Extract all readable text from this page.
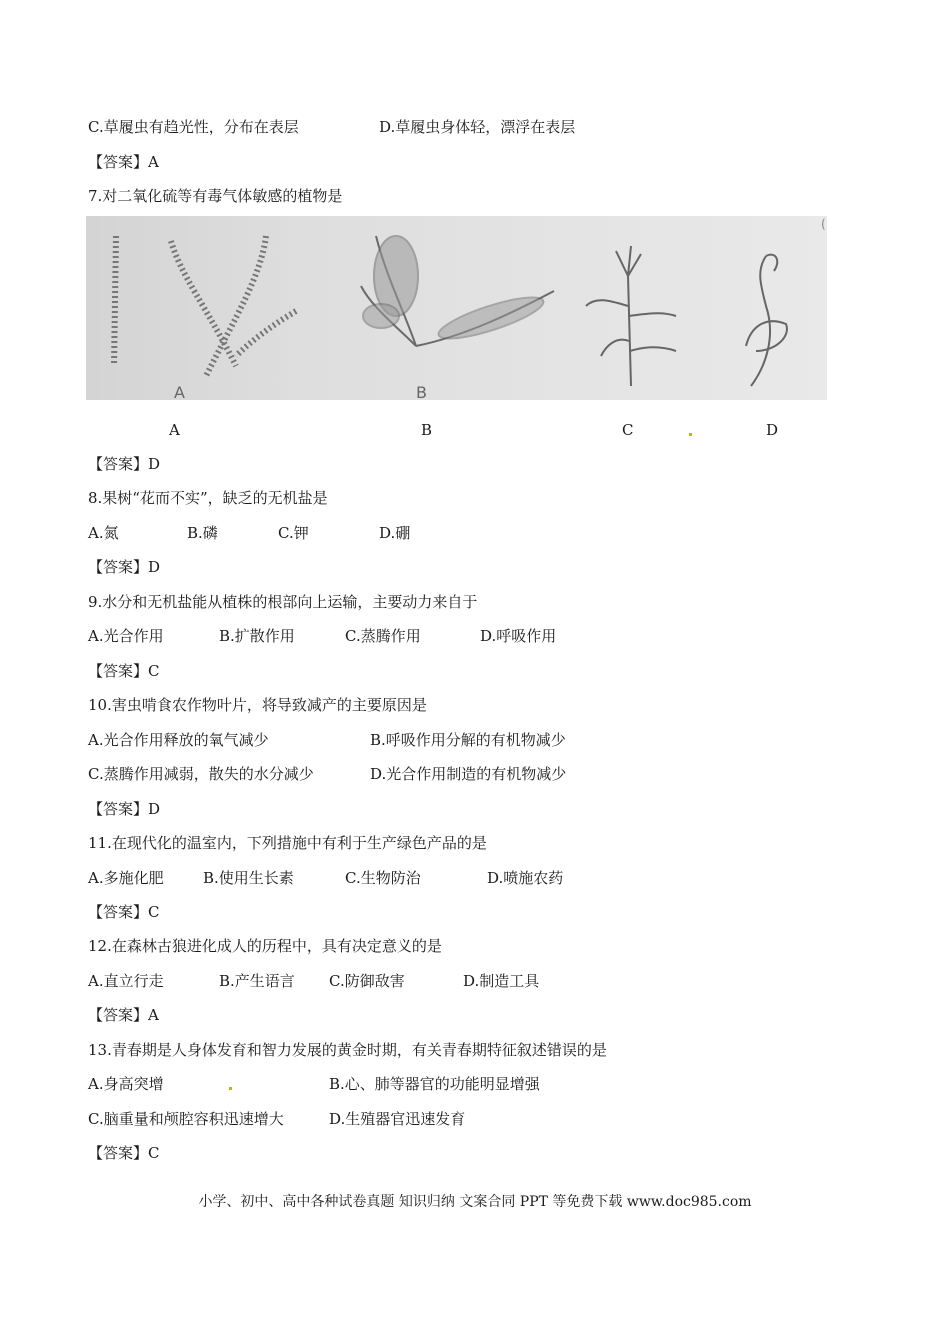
C.草履虫有趋光性，分布在表层	D.草履虫身体轻，漂浮在表层
【答案】A
7.对二氧化硫等有毒气体敏感的植物是
A	B
(
A	B	C	D
【答案】D
8.果树“花而不实”，缺乏的无机盐是
A.氮	B.磷	C.钾	D.硼
【答案】D
9.水分和无机盐能从植株的根部向上运输，主要动力来自于
A.光合作用	B.扩散作用	C.蒸腾作用	D.呼吸作用
【答案】C
10.害虫啃食农作物叶片，将导致减产的主要原因是
A.光合作用释放的氧气减少	B.呼吸作用分解的有机物减少
C.蒸腾作用减弱，散失的水分减少	D.光合作用制造的有机物减少
【答案】D
11.在现代化的温室内，下列措施中有利于生产绿色产品的是
A.多施化肥	B.使用生长素	C.生物防治	D.喷施农药
【答案】C
12.在森林古狼进化成人的历程中，具有决定意义的是
A.直立行走	B.产生语言 C.防御敌害	D.制造工具
【答案】A
13.青春期是人身体发育和智力发展的黄金时期，有关青春期特征叙述错误的是
A.身高突增	B.心、肺等器官的功能明显增强
C.脑重量和颅腔容积迅速增大	D.生殖器官迅速发育
【答案】C
小学、初中、高中各种试卷真题 知识归纳 文案合同 PPT 等免费下载 www.doc985.com
